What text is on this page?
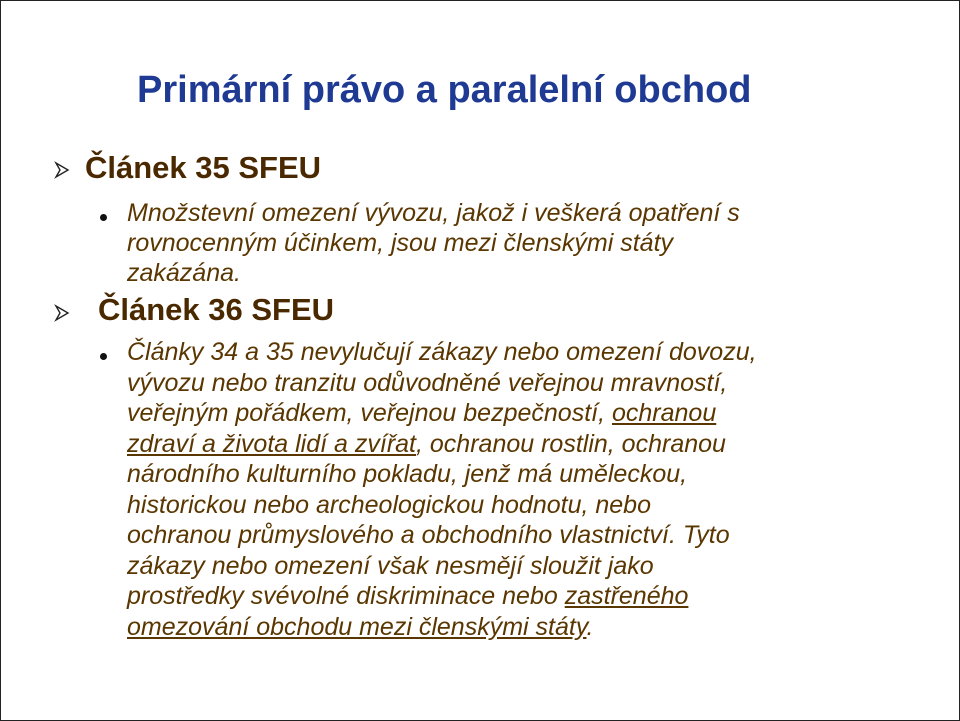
Primární právo a paralelní obchod
Článek 35 SFEU

Množstevní omezení vývozu, jakož i veškerá opatření s
rovnocenným účinkem, jsou mezi členskými státy
zakázána.

Článek 36 SFEU

Články 34 a 35 nevylučují zákazy nebo omezení dovozu,
vývozu nebo tranzitu odůvodněné veřejnou mravností,
veřejným pořádkem, veřejnou bezpečností, ochranou
zdraví a života lidí a zvířat, ochranou rostlin, ochranou
národního kulturního pokladu, jenž má uměleckou,
historickou nebo archeologickou hodnotu, nebo
ochranou průmyslového a obchodního vlastnictví. Tyto
zákazy nebo omezení však nesmějí sloužit jako
prostředky svévolné diskriminace nebo zastřeného
omezování obchodu mezi členskými státy.
